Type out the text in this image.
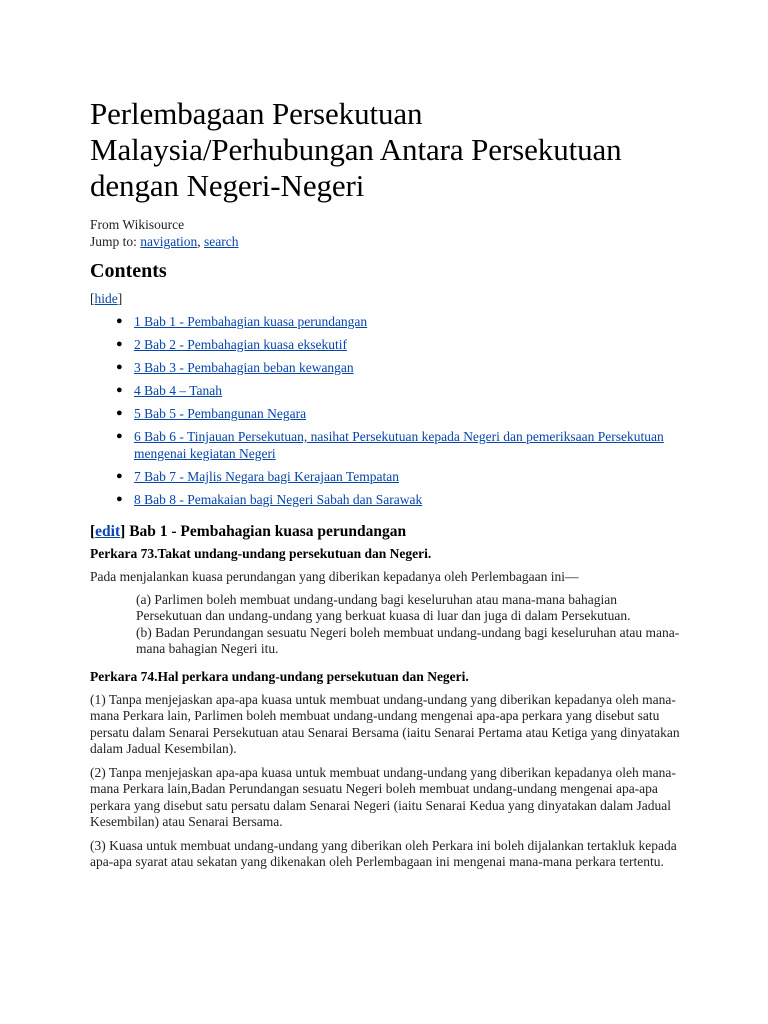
Perlembagaan Persekutuan Malaysia/Perhubungan Antara Persekutuan dengan Negeri-Negeri
From Wikisource
Jump to: navigation, search
Contents
[hide]
● 1 Bab 1 - Pembahagian kuasa perundangan
● 2 Bab 2 - Pembahagian kuasa eksekutif
● 3 Bab 3 - Pembahagian beban kewangan
● 4 Bab 4 – Tanah
● 5 Bab 5 - Pembangunan Negara
● 6 Bab 6 - Tinjauan Persekutuan, nasihat Persekutuan kepada Negeri dan pemeriksaan Persekutuan mengenai kegiatan Negeri
● 7 Bab 7 - Majlis Negara bagi Kerajaan Tempatan
● 8 Bab 8 - Pemakaian bagi Negeri Sabah dan Sarawak
[edit] Bab 1 - Pembahagian kuasa perundangan
Perkara 73.Takat undang-undang persekutuan dan Negeri.

Pada menjalankan kuasa perundangan yang diberikan kepadanya oleh Perlembagaan ini—

(a) Parlimen boleh membuat undang-undang bagi keseluruhan atau mana-mana bahagian Persekutuan dan undang-undang yang berkuat kuasa di luar dan juga di dalam Persekutuan.

(b) Badan Perundangan sesuatu Negeri boleh membuat undang-undang bagi keseluruhan atau mana-mana bahagian Negeri itu.

Perkara 74.Hal perkara undang-undang persekutuan dan Negeri.

(1) Tanpa menjejaskan apa-apa kuasa untuk membuat undang-undang yang diberikan kepadanya oleh mana-mana Perkara lain, Parlimen boleh membuat undang-undang mengenai apa-apa perkara yang disebut satu persatu dalam Senarai Persekutuan atau Senarai Bersama (iaitu Senarai Pertama atau Ketiga yang dinyatakan dalam Jadual Kesembilan).

(2) Tanpa menjejaskan apa-apa kuasa untuk membuat undang-undang yang diberikan kepadanya oleh mana-mana Perkara lain,Badan Perundangan sesuatu Negeri boleh membuat undang-undang mengenai apa-apa perkara yang disebut satu persatu dalam Senarai Negeri (iaitu Senarai Kedua yang dinyatakan dalam Jadual Kesembilan) atau Senarai Bersama.

(3) Kuasa untuk membuat undang-undang yang diberikan oleh Perkara ini boleh dijalankan tertakluk kepada apa-apa syarat atau sekatan yang dikenakan oleh Perlembagaan ini mengenai mana-mana perkara tertentu.
